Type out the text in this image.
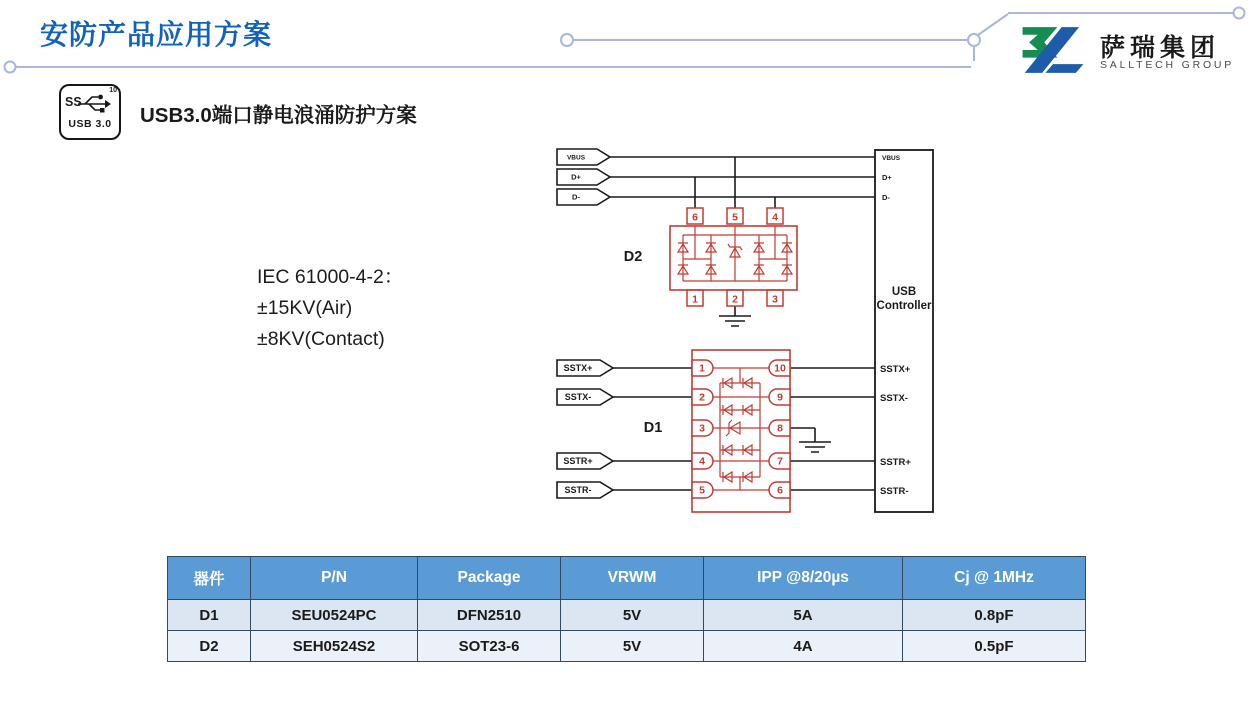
安防产品应用方案	萨瑞集团
SALLTECH GROUP
SS
10
USB 3.0	USB3.0端口静电浪涌防护方案
IEC 61000-4-2：
±15KV(Air)
±8KV(Contact)
VBUS
D+
D-
SSTX+
SSTX-
SSTR+
SSTR-
VBUS
D+
D-
USB
Controller
SSTX+
SSTX-
SSTR+
SSTR-
6	5	4
1	2	3
D2
1
2
3
4
5
10
9
8
7
6
D1
器件	P/N	Package	VRWM	IPP @8/20µs	Cj @ 1MHz
D1	SEU0524PC	DFN2510	5V	5A	0.8pF
D2	SEH0524S2	SOT23-6	5V	4A	0.5pF
